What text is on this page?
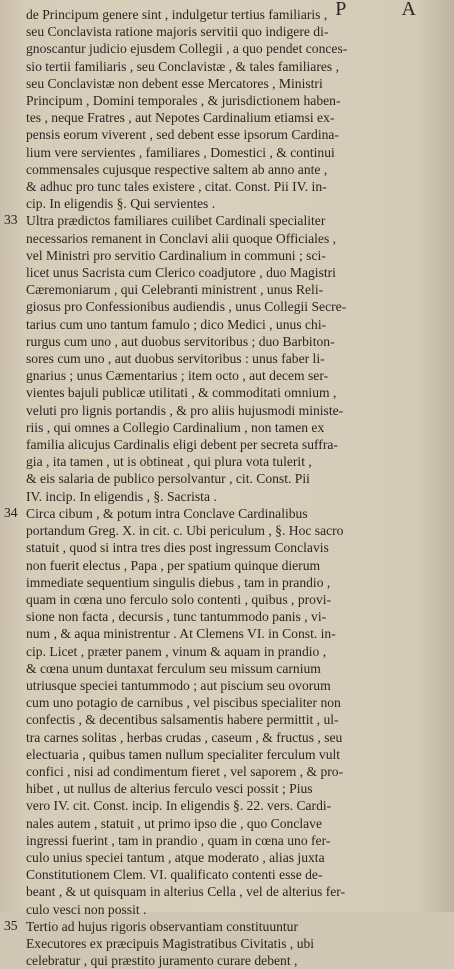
P A
de Principum genere sint , indulgetur tertius familiaris ,
seu Conclavista ratione majoris servitii quo indigere di-
gnoscantur judicio ejusdem Collegii , a quo pendet conces-
sio tertii familiaris , seu Conclavistæ , & tales familiares ,
seu Conclavistæ non debent esse Mercatores , Ministri
Principum , Domini temporales , & jurisdictionem haben-
tes , neque Fratres , aut Nepotes Cardinalium etiamsi ex-
pensis eorum viverent , sed debent esse ipsorum Cardina-
lium vere servientes , familiares , Domestici , & continui
commensales cujusque respective saltem ab anno ante ,
& adhuc pro tunc tales existere , citat. Const. Pii IV. in-
cip. In eligendis §. Qui servientes .
33 Ultra prædictos familiares cuilibet Cardinali specialiter
necessarios remanent in Conclavi alii quoque Officiales ,
vel Ministri pro servitio Cardinalium in communi ; sci-
licet unus Sacrista cum Clerico coadjutore , duo Magistri
Cæremoniarum , qui Celebranti ministrent , unus Reli-
giosus pro Confessionibus audiendis , unus Collegii Secre-
tarius cum uno tantum famulo ; dico Medici , unus chi-
rurgus cum uno , aut duobus servitoribus ; duo Barbiton-
sores cum uno , aut duobus servitoribus : unus faber li-
gnarius ; unus Cæmentarius ; item octo , aut decem ser-
vientes bajuli publicæ utilitati , & commoditati omnium ,
veluti pro lignis portandis , & pro aliis hujusmodi ministe-
riis , qui omnes a Collegio Cardinalium , non tamen ex
familia alicujus Cardinalis eligi debent per secreta suffra-
gia , ita tamen , ut is obtineat , qui plura vota tulerit ,
& eis salaria de publico persolvantur , cit. Const. Pii
IV. incip. In eligendis , §. Sacrista .
34 Circa cibum , & potum intra Conclave Cardinalibus
portandum Greg. X. in cit. c. Ubi periculum , §. Hoc sacro
statuit , quod si intra tres dies post ingressum Conclavis
non fuerit electus , Papa , per spatium quinque dierum
immediate sequentium singulis diebus , tam in prandio ,
quam in cœna uno ferculo solo contenti , quibus , provi-
sione non facta , decursis , tunc tantummodo panis , vi-
num , & aqua ministrentur . At Clemens VI. in Const. in-
cip. Licet , præter panem , vinum & aquam in prandio ,
& cœna unum duntaxat ferculum seu missum carnium
utriusque speciei tantummodo ; aut piscium seu ovorum
cum uno potagio de carnibus , vel piscibus specialiter non
confectis , & decentibus salsamentis habere permittit , ul-
tra carnes solitas , herbas crudas , caseum , & fructus , seu
electuaria , quibus tamen nullum specialiter ferculum vult
confici , nisi ad condimentum fieret , vel saporem , & pro-
hibet , ut nullus de alterius ferculo vesci possit ; Pius
vero IV. cit. Const. incip. In eligendis §. 22. vers. Cardi-
nales autem , statuit , ut primo ipso die , quo Conclave
ingressi fuerint , tam in prandio , quam in cœna uno fer-
culo unius speciei tantum , atque moderato , alias juxta
Constitutionem Clem. VI. qualificato contenti esse de-
beant , & ut quisquam in alterius Cella , vel de alterius fer-
culo vesci non possit .
35 Tertio ad hujus rigoris observantiam constituuntur
Executores ex præcipuis Magistratibus Civitatis , ubi
celebratur , qui præstito juramento curare debent ,
